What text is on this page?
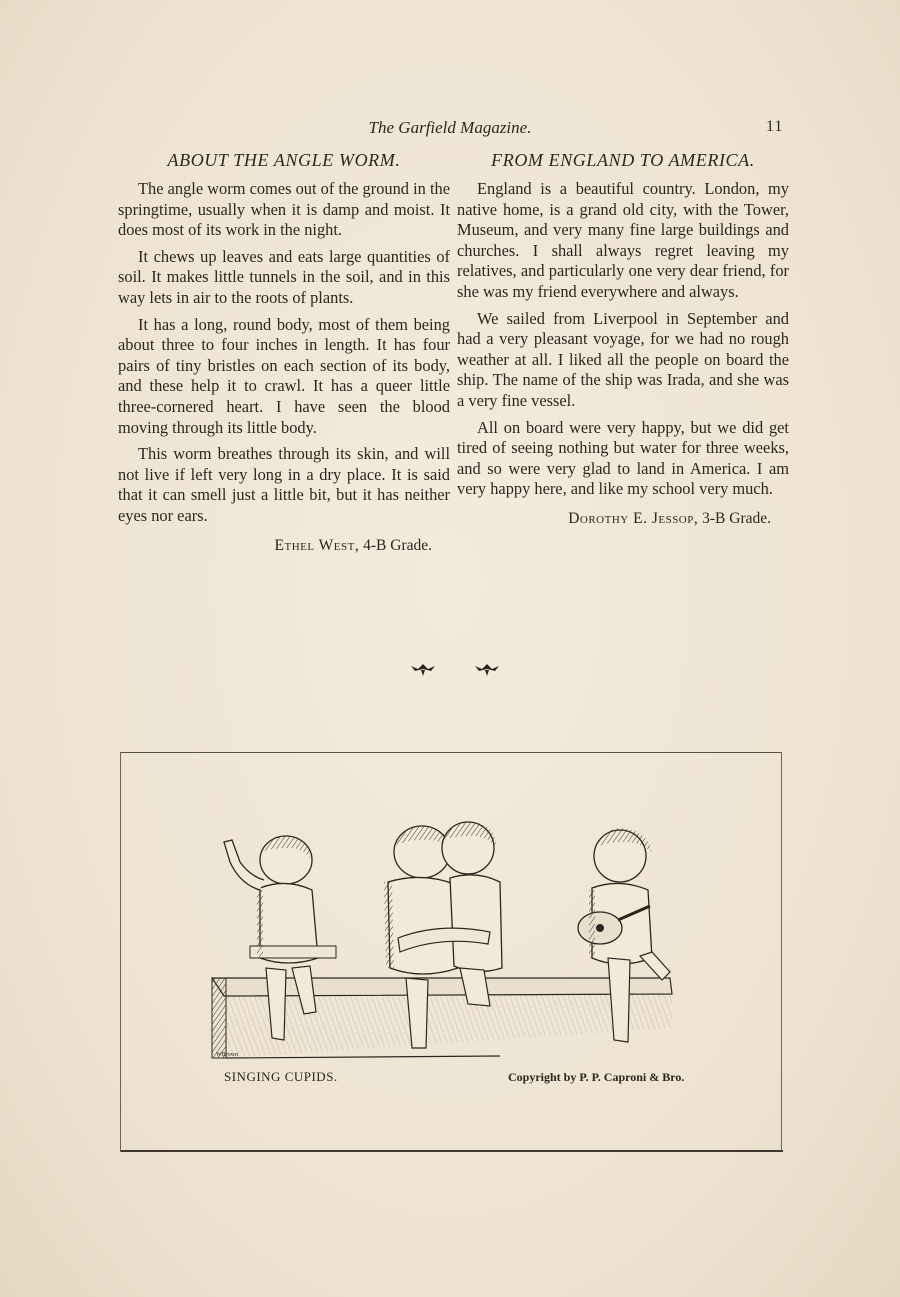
The Garfield Magazine.	11
ABOUT THE ANGLE WORM.

The angle worm comes out of the ground in the springtime, usually when it is damp and moist. It does most of its work in the night.

It chews up leaves and eats large quantities of soil. It makes little tunnels in the soil, and in this way lets in air to the roots of plants.

It has a long, round body, most of them being about three to four inches in length. It has four pairs of tiny bristles on each section of its body, and these help it to crawl. It has a queer little three-cornered heart. I have seen the blood moving through its little body.

This worm breathes through its skin, and will not live if left very long in a dry place. It is said that it can smell just a little bit, but it has neither eyes nor ears.

Ethel West, 4-B Grade.
FROM ENGLAND TO AMERICA.

England is a beautiful country. London, my native home, is a grand old city, with the Tower, Museum, and very many fine large buildings and churches. I shall always regret leaving my relatives, and particularly one very dear friend, for she was my friend everywhere and always.

We sailed from Liverpool in September and had a very pleasant voyage, for we had no rough weather at all. I liked all the people on board the ship. The name of the ship was Irada, and she was a very fine vessel.

All on board were very happy, but we did get tired of seeing nothing but water for three weeks, and so were very glad to land in America. I am very happy here, and like my school very much.

Dorothy E. Jessop, 3-B Grade.
WBrown
SINGING CUPIDS.	Copyright by P. P. Caproni & Bro.
